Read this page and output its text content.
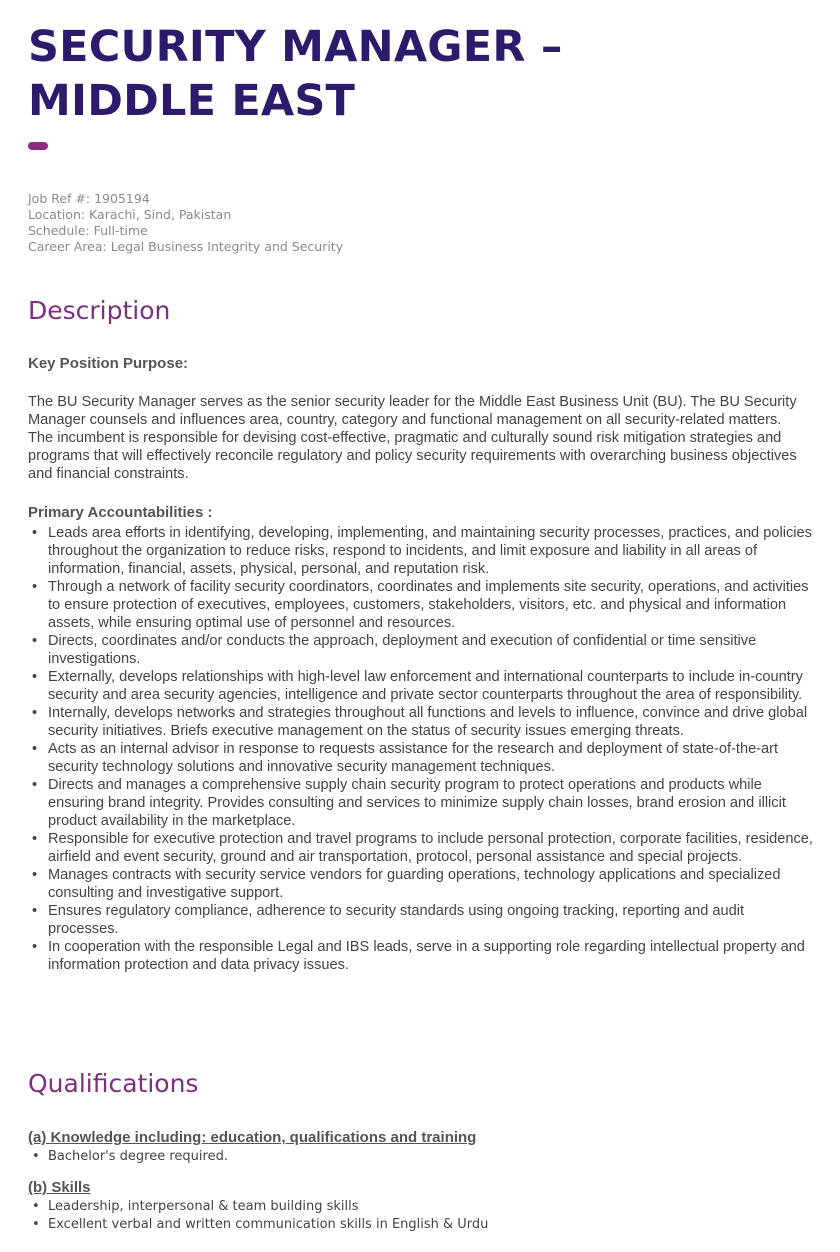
SECURITY MANAGER –
MIDDLE EAST
Job Ref #: 1905194
Location: Karachi, Sind, Pakistan
Schedule: Full-time
Career Area: Legal Business Integrity and Security
Description
Key Position Purpose:

The BU Security Manager serves as the senior security leader for the Middle East Business Unit (BU). The BU Security Manager counsels and influences area, country, category and functional management on all security-related matters. The incumbent is responsible for devising cost-effective, pragmatic and culturally sound risk mitigation strategies and programs that will effectively reconcile regulatory and policy security requirements with overarching business objectives and financial constraints.

Primary Accountabilities :
• Leads area efforts in identifying, developing, implementing, and maintaining security processes, practices, and policies throughout the organization to reduce risks, respond to incidents, and limit exposure and liability in all areas of information, financial, assets, physical, personal, and reputation risk.
• Through a network of facility security coordinators, coordinates and implements site security, operations, and activities to ensure protection of executives, employees, customers, stakeholders, visitors, etc. and physical and information assets, while ensuring optimal use of personnel and resources.
• Directs, coordinates and/or conducts the approach, deployment and execution of confidential or time sensitive investigations.
• Externally, develops relationships with high-level law enforcement and international counterparts to include in-country security and area security agencies, intelligence and private sector counterparts throughout the area of responsibility.
• Internally, develops networks and strategies throughout all functions and levels to influence, convince and drive global security initiatives. Briefs executive management on the status of security issues emerging threats.
• Acts as an internal advisor in response to requests assistance for the research and deployment of state-of-the-art security technology solutions and innovative security management techniques.
• Directs and manages a comprehensive supply chain security program to protect operations and products while ensuring brand integrity. Provides consulting and services to minimize supply chain losses, brand erosion and illicit product availability in the marketplace.
• Responsible for executive protection and travel programs to include personal protection, corporate facilities, residence, airfield and event security, ground and air transportation, protocol, personal assistance and special projects.
• Manages contracts with security service vendors for guarding operations, technology applications and specialized consulting and investigative support.
• Ensures regulatory compliance, adherence to security standards using ongoing tracking, reporting and audit processes.
• In cooperation with the responsible Legal and IBS leads, serve in a supporting role regarding intellectual property and information protection and data privacy issues.
Qualifications
(a) Knowledge including: education, qualifications and training
• Bachelor's degree required.
(b) Skills
• Leadership, interpersonal & team building skills
• Excellent verbal and written communication skills in English & Urdu
